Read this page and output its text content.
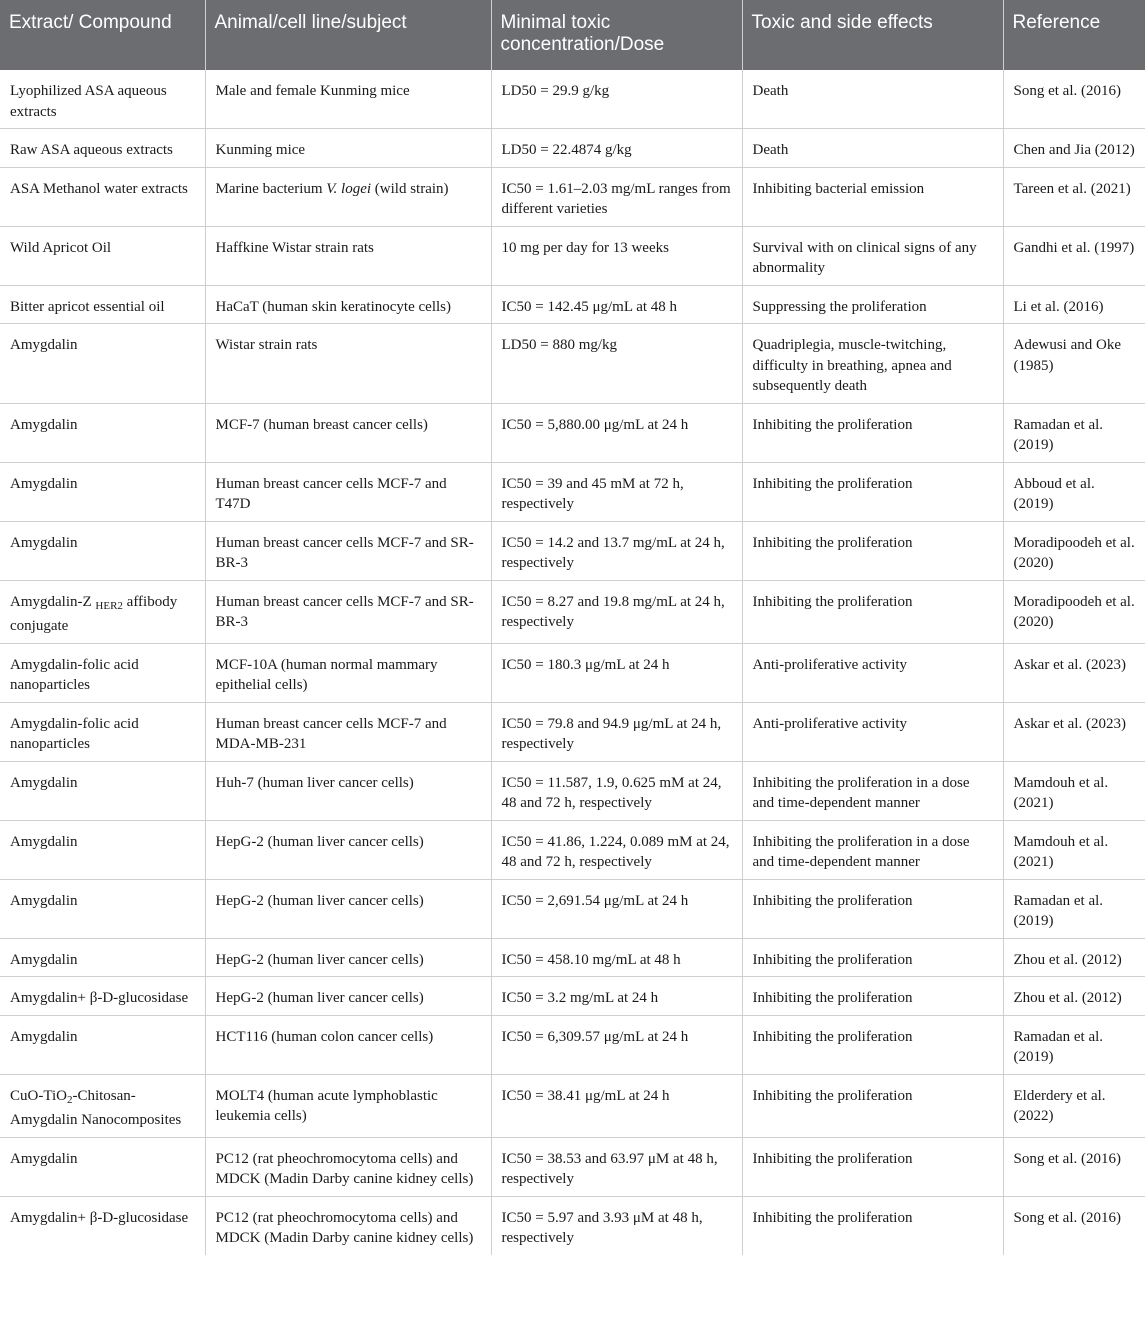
Extract/ Compound	Animal/cell line/subject	Minimal toxic concentration/Dose	Toxic and side effects	Reference
Lyophilized ASA aqueous extracts	Male and female Kunming mice	LD50 = 29.9 g/kg	Death	Song et al. (2016)
Raw ASA aqueous extracts	Kunming mice	LD50 = 22.4874 g/kg	Death	Chen and Jia (2012)
ASA Methanol water extracts	Marine bacterium V. logei (wild strain)	IC50 = 1.61–2.03 mg/mL ranges from different varieties	Inhibiting bacterial emission	Tareen et al. (2021)
Wild Apricot Oil	Haffkine Wistar strain rats	10 mg per day for 13 weeks	Survival with on clinical signs of any abnormality	Gandhi et al. (1997)
Bitter apricot essential oil	HaCaT (human skin keratinocyte cells)	IC50 = 142.45 μg/mL at 48 h	Suppressing the proliferation	Li et al. (2016)
Amygdalin	Wistar strain rats	LD50 = 880 mg/kg	Quadriplegia, muscle-twitching, difficulty in breathing, apnea and subsequently death	Adewusi and Oke (1985)
Amygdalin	MCF-7 (human breast cancer cells)	IC50 = 5,880.00 μg/mL at 24 h	Inhibiting the proliferation	Ramadan et al. (2019)
Amygdalin	Human breast cancer cells MCF-7 and T47D	IC50 = 39 and 45 mM at 72 h, respectively	Inhibiting the proliferation	Abboud et al. (2019)
Amygdalin	Human breast cancer cells MCF-7 and SR-BR-3	IC50 = 14.2 and 13.7 mg/mL at 24 h, respectively	Inhibiting the proliferation	Moradipoodeh et al. (2020)
Amygdalin-Z $_{HER2}$ affibody conjugate	Human breast cancer cells MCF-7 and SR-BR-3	IC50 = 8.27 and 19.8 mg/mL at 24 h, respectively	Inhibiting the proliferation	Moradipoodeh et al. (2020)
Amygdalin-folic acid nanoparticles	MCF-10A (human normal mammary epithelial cells)	IC50 = 180.3 μg/mL at 24 h	Anti-proliferative activity	Askar et al. (2023)
Amygdalin-folic acid nanoparticles	Human breast cancer cells MCF-7 and MDA-MB-231	IC50 = 79.8 and 94.9 μg/mL at 24 h, respectively	Anti-proliferative activity	Askar et al. (2023)
Amygdalin	Huh-7 (human liver cancer cells)	IC50 = 11.587, 1.9, 0.625 mM at 24, 48 and 72 h, respectively	Inhibiting the proliferation in a dose and time-dependent manner	Mamdouh et al. (2021)
Amygdalin	HepG-2 (human liver cancer cells)	IC50 = 41.86, 1.224, 0.089 mM at 24, 48 and 72 h, respectively	Inhibiting the proliferation in a dose and time-dependent manner	Mamdouh et al. (2021)
Amygdalin	HepG-2 (human liver cancer cells)	IC50 = 2,691.54 μg/mL at 24 h	Inhibiting the proliferation	Ramadan et al. (2019)
Amygdalin	HepG-2 (human liver cancer cells)	IC50 = 458.10 mg/mL at 48 h	Inhibiting the proliferation	Zhou et al. (2012)
Amygdalin+ β-D-glucosidase	HepG-2 (human liver cancer cells)	IC50 = 3.2 mg/mL at 24 h	Inhibiting the proliferation	Zhou et al. (2012)
Amygdalin	HCT116 (human colon cancer cells)	IC50 = 6,309.57 μg/mL at 24 h	Inhibiting the proliferation	Ramadan et al. (2019)
CuO-TiO$_2$-Chitosan-Amygdalin Nanocomposites	MOLT4 (human acute lymphoblastic leukemia cells)	IC50 = 38.41 μg/mL at 24 h	Inhibiting the proliferation	Elderdery et al. (2022)
Amygdalin	PC12 (rat pheochromocytoma cells) and MDCK (Madin Darby canine kidney cells)	IC50 = 38.53 and 63.97 μM at 48 h, respectively	Inhibiting the proliferation	Song et al. (2016)
Amygdalin+ β-D-glucosidase	PC12 (rat pheochromocytoma cells) and MDCK (Madin Darby canine kidney cells)	IC50 = 5.97 and 3.93 μM at 48 h, respectively	Inhibiting the proliferation	Song et al. (2016)
